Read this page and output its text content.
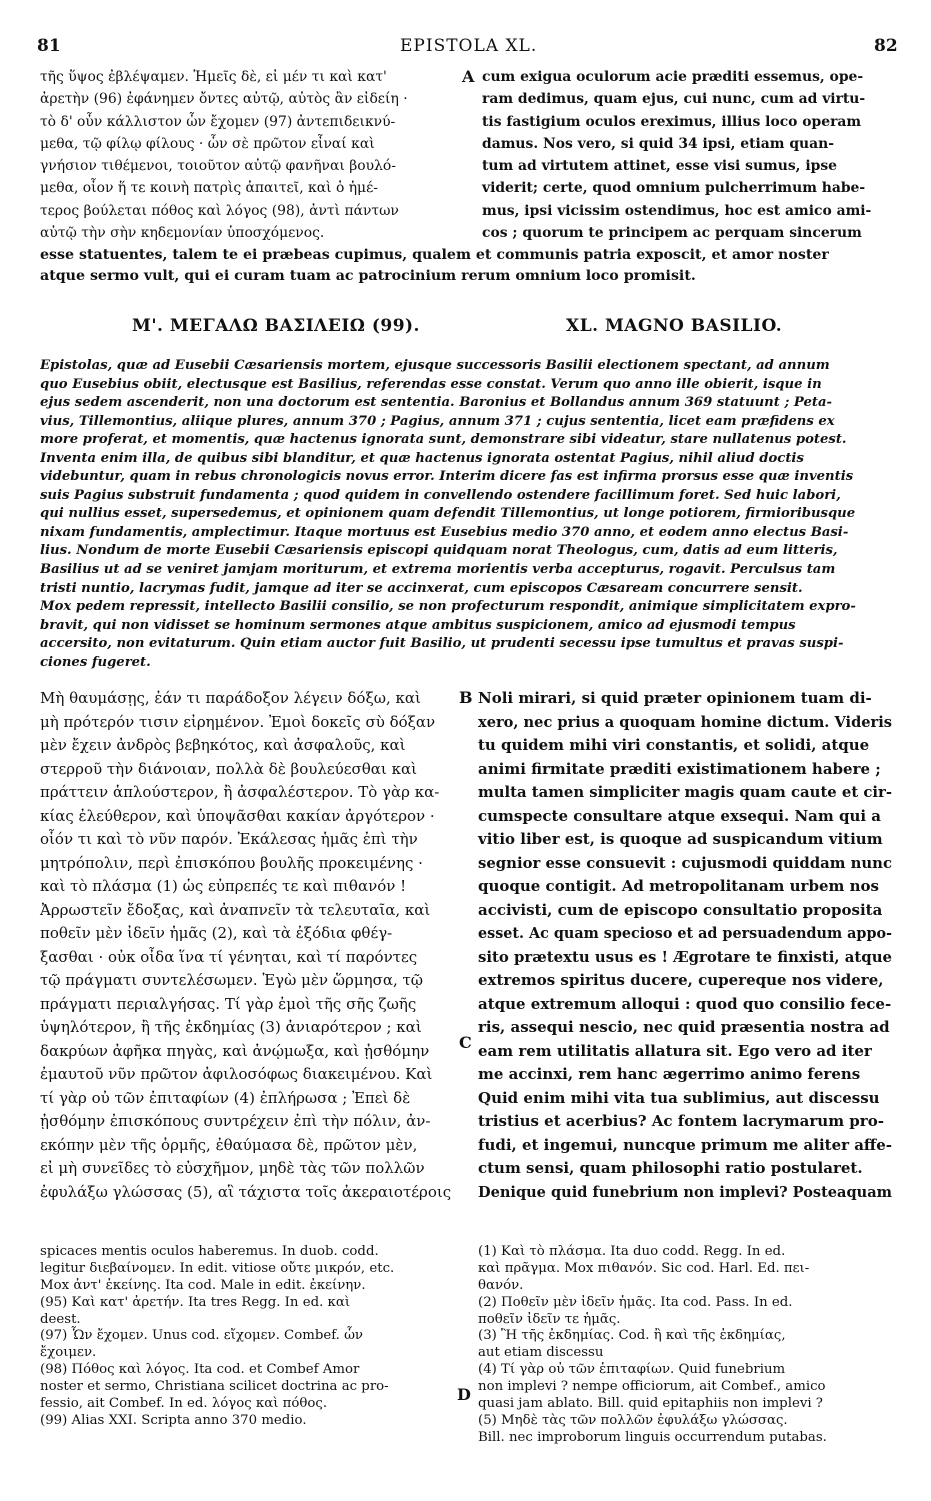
81	EPISTOLA XL.	82
τῆς ὕψος ἐβλέψαμεν. Ἡμεῖς δὲ, εἰ μέν τι καὶ κατ'
ἀρετὴν (96) ἐφάνημεν ὄντες αὐτῷ, αὐτὸς ἂν εἰδείη ·
τὸ δ' οὖν κάλλιστον ὧν ἔχομεν (97) ἀντεπιδεικνύ-
μεθα, τῷ φίλῳ φίλους · ὧν σὲ πρῶτον εἶναί καὶ
γνήσιον τιθέμενοι, τοιοῦτον αὐτῷ φανῆναι βουλό-
μεθα, οἷον ἥ τε κοινὴ πατρὶς ἀπαιτεῖ, καὶ ὁ ἡμέ-
τερος βούλεται πόθος καὶ λόγος (98), ἀντὶ πάντων
αὐτῷ τὴν σὴν κηδεμονίαν ὑποσχόμενος.
A cum exigua oculorum acie præditi essemus, ope-
ram dedimus, quam ejus, cui nunc, cum ad virtu-
tis fastigium oculos ereximus, illius loco operam
damus. Nos vero, si quid 34 ipsi, etiam quan-
tum ad virtutem attinet, esse visi sumus, ipse
viderit; certe, quod omnium pulcherrimum habe-
mus, ipsi vicissim ostendimus, hoc est amico ami-
cos ; quorum te principem ac perquam sincerum
esse statuentes, talem te ei præbeas cupimus, qualem et communis patria exposcit, et amor noster
atque sermo vult, qui ei curam tuam ac patrocinium rerum omnium loco promisit.
Μ'. ΜΕΓΑΛΩ ΒΑΣΙΛΕΙΩ (99).	XL. MAGNO BASILIO.
Epistolas, quæ ad Eusebii Cæsariensis mortem, ejusque successoris Basilii electionem spectant, ad annum
quo Eusebius obiit, electusque est Basilius, referendas esse constat. Verum quo anno ille obierit, isque in
ejus sedem ascenderit, non una doctorum est sententia. Baronius et Bollandus annum 369 statuunt ; Peta-
vius, Tillemontius, aliique plures, annum 370 ; Pagius, annum 371 ; cujus sententia, licet eam præfidens ex
more proferat, et momentis, quæ hactenus ignorata sunt, demonstrare sibi videatur, stare nullatenus potest.
Inventa enim illa, de quibus sibi blanditur, et quæ hactenus ignorata ostentat Pagius, nihil aliud doctis
videbuntur, quam in rebus chronologicis novus error. Interim dicere fas est infirma prorsus esse quæ inventis
suis Pagius substruit fundamenta ; quod quidem in convellendo ostendere facillimum foret. Sed huic labori,
qui nullius esset, supersedemus, et opinionem quam defendit Tillemontius, ut longe potiorem, firmioribusque
nixam fundamentis, amplectimur. Itaque mortuus est Eusebius medio 370 anno, et eodem anno electus Basi-
lius. Nondum de morte Eusebii Cæsariensis episcopi quidquam norat Theologus, cum, datis ad eum litteris,
Basilius ut ad se veniret jamjam moriturum, et extrema morientis verba accepturus, rogavit. Perculsus tam
tristi nuntio, lacrymas fudit, jamque ad iter se accinxerat, cum episcopos Cæsaream concurrere sensit.
Mox pedem repressit, intellecto Basilii consilio, se non profecturum respondit, animique simplicitatem expro-
bravit, qui non vidisset se hominum sermones atque ambitus suspicionem, amico ad ejusmodi tempus
accersito, non evitaturum. Quin etiam auctor fuit Basilio, ut prudenti secessu ipse tumultus et pravas suspi-
ciones fugeret.
Μὴ θαυμάσῃς, ἐάν τι παράδοξον λέγειν δόξω, καὶ
μὴ πρότερόν τισιν εἰρημένον. Ἐμοὶ δοκεῖς σὺ δόξαν
μὲν ἔχειν ἀνδρὸς βεβηκότος, καὶ ἀσφαλοῦς, καὶ
στερροῦ τὴν διάνοιαν, πολλὰ δὲ βουλεύεσθαι καὶ
πράττειν ἁπλούστερον, ἢ ἀσφαλέστερον. Τὸ γὰρ κα-
κίας ἐλεύθερον, καὶ ὑποψᾶσθαι κακίαν ἀργότερον ·
οἷόν τι καὶ τὸ νῦν παρόν. Ἐκάλεσας ἡμᾶς ἐπὶ τὴν
μητρόπολιν, περὶ ἐπισκόπου βουλῆς προκειμένης ·
καὶ τὸ πλάσμα (1) ὡς εὐπρεπές τε καὶ πιθανόν !
Ἀρρωστεῖν ἔδοξας, καὶ ἀναπνεῖν τὰ τελευταῖα, καὶ
ποθεῖν μὲν ἰδεῖν ἡμᾶς (2), καὶ τὰ ἐξόδια φθέγ-
ξασθαι · οὐκ οἶδα ἵνα τί γένηται, καὶ τί παρόντες
τῷ πράγματι συντελέσωμεν. Ἐγὼ μὲν ὥρμησα, τῷ
πράγματι περιαλγήσας. Τί γὰρ ἐμοὶ τῆς σῆς ζωῆς
ὑψηλότερον, ἢ τῆς ἐκδημίας (3) ἀνιαρότερον ; καὶ
δακρύων ἀφῆκα πηγὰς, καὶ ἀνῴμωξα, καὶ ᾐσθόμην
ἐμαυτοῦ νῦν πρῶτον ἀφιλοσόφως διακειμένου. Καὶ
τί γὰρ οὐ τῶν ἐπιταφίων (4) ἐπλήρωσα ; Ἐπεὶ δὲ
ᾐσθόμην ἐπισκόπους συντρέχειν ἐπὶ τὴν πόλιν, ἀν-
εκόπην μὲν τῆς ὁρμῆς, ἐθαύμασα δὲ, πρῶτον μὲν,
εἰ μὴ συνεῖδες τὸ εὐσχῆμον, μηδὲ τὰς τῶν πολλῶν
ἐφυλάξω γλώσσας (5), αἳ τάχιστα τοῖς ἀκεραιοτέροις
B
C
Noli mirari, si quid præter opinionem tuam di-
xero, nec prius a quoquam homine dictum. Videris
tu quidem mihi viri constantis, et solidi, atque
animi firmitate præditi existimationem habere ;
multa tamen simpliciter magis quam caute et cir-
cumspecte consultare atque exsequi. Nam qui a
vitio liber est, is quoque ad suspicandum vitium
segnior esse consuevit : cujusmodi quiddam nunc
quoque contigit. Ad metropolitanam urbem nos
accivisti, cum de episcopo consultatio proposita
esset. Ac quam specioso et ad persuadendum appo-
sito prætextu usus es ! Ægrotare te finxisti, atque
extremos spiritus ducere, cupereque nos videre,
atque extremum alloqui : quod quo consilio fece-
ris, assequi nescio, nec quid præsentia nostra ad
eam rem utilitatis allatura sit. Ego vero ad iter
me accinxi, rem hanc ægerrimo animo ferens
Quid enim mihi vita tua sublimius, aut discessu
tristius et acerbius? Ac fontem lacrymarum pro-
fudi, et ingemui, nuncque primum me aliter affe-
ctum sensi, quam philosophi ratio postularet.
Denique quid funebrium non implevi? Posteaquam
spicaces mentis oculos haberemus. In duob. codd.
legitur διεβαίνομεν. In edit. vitiose οὔτε μικρόν, etc.
Mox ἀντ' ἐκείνης. Ita cod. Male in edit. ἐκείνην.
(95) Καὶ κατ' ἀρετήν. Ita tres Regg. In ed. καὶ
deest.
(97) Ὧν ἔχομεν. Unus cod. εἴχομεν. Combef. ὧν
ἔχοιμεν.
(98) Πόθος καὶ λόγος. Ita cod. et Combef Amor
noster et sermo, Christiana scilicet doctrina ac pro-
fessio, ait Combef. In ed. λόγος καὶ πόθος.
(99) Alias XXI. Scripta anno 370 medio.
D
(1) Καὶ τὸ πλάσμα. Ita duo codd. Regg. In ed.
καὶ πρᾶγμα. Mox πιθανόν. Sic cod. Harl. Ed. πει-
θανόν.
(2) Ποθεῖν μὲν ἰδεῖν ἡμᾶς. Ita cod. Pass. In ed.
ποθεῖν ἰδεῖν τε ἡμᾶς.
(3) Ἢ τῆς ἐκδημίας. Cod. ἢ καὶ τῆς ἐκδημίας,
aut etiam discessu
(4) Τί γὰρ οὐ τῶν ἐπιταφίων. Quid funebrium
non implevi ? nempe officiorum, ait Combef., amico
quasi jam ablato. Bill. quid epitaphiis non implevi ?
(5) Μηδὲ τὰς τῶν πολλῶν ἐφυλάξω γλώσσας.
Bill. nec improborum linguis occurrendum putabas.
